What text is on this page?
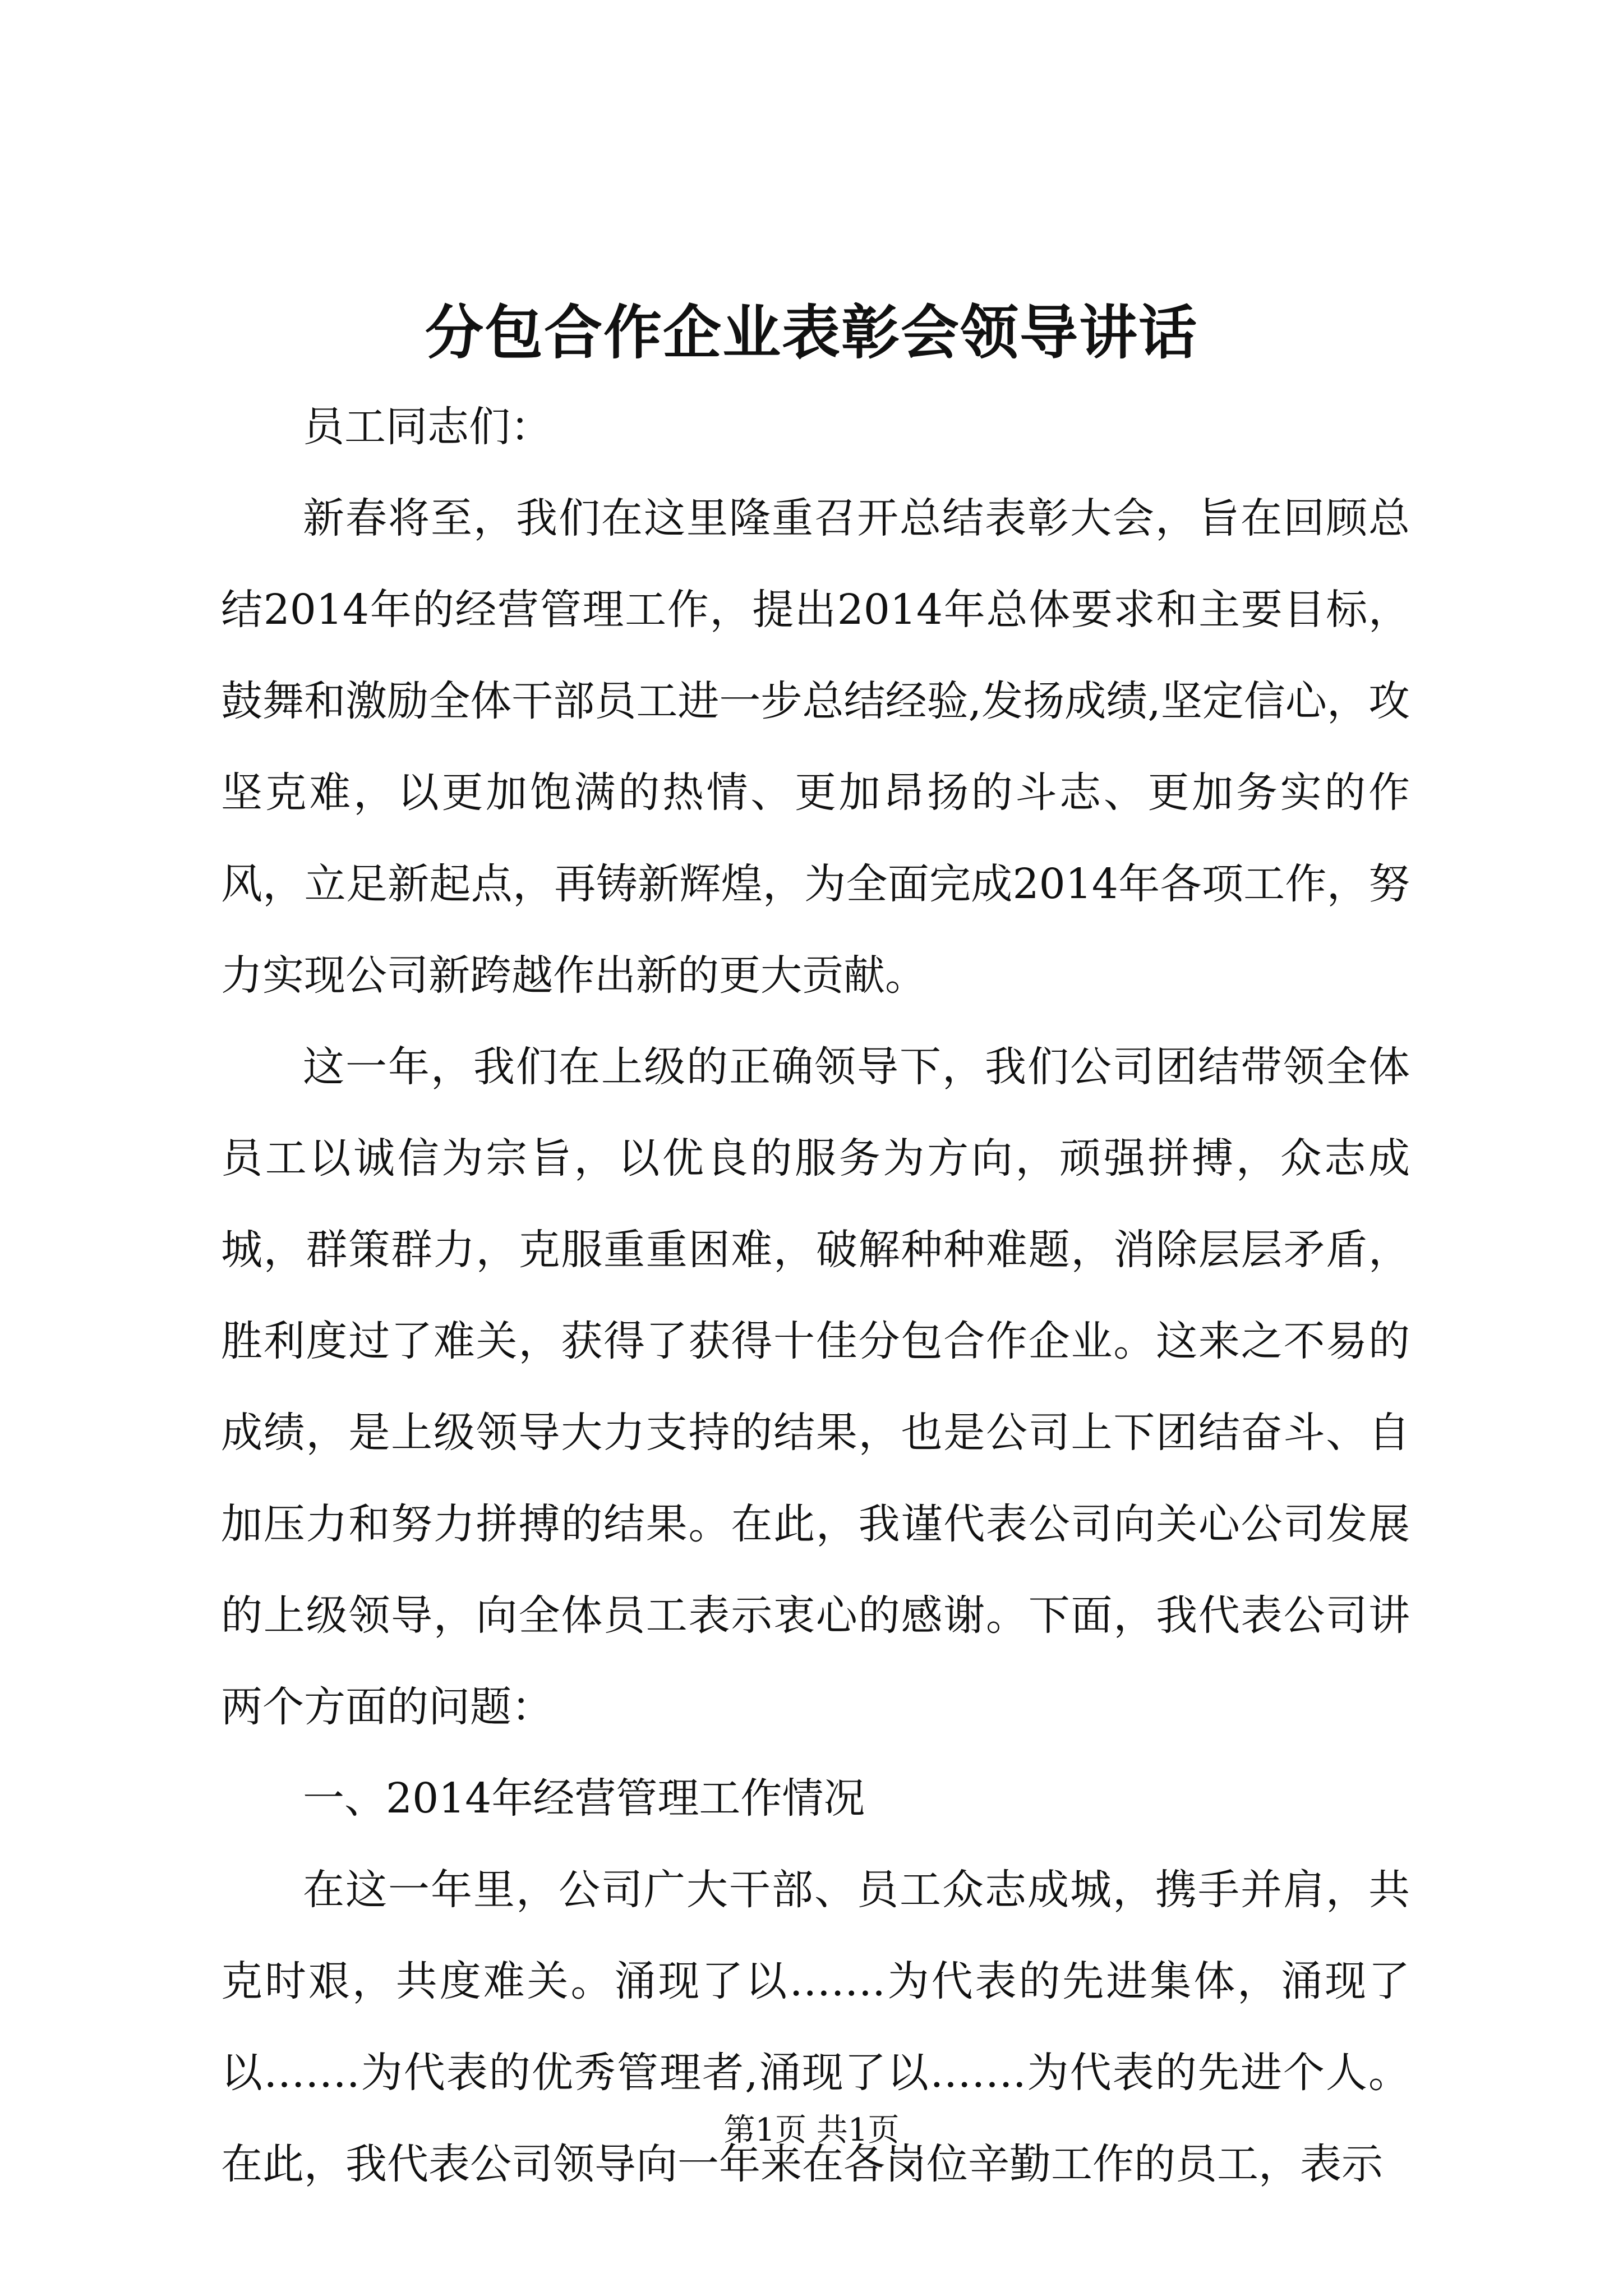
分包合作企业表彰会领导讲话

员工同志们：

新春将至，我们在这里隆重召开总结表彰大会，旨在回顾总结2014年的经营管理工作，提出2014年总体要求和主要目标，鼓舞和激励全体干部员工进一步总结经验,发扬成绩,坚定信心，攻坚克难，以更加饱满的热情、更加昂扬的斗志、更加务实的作风，立足新起点，再铸新辉煌，为全面完成2014年各项工作，努力实现公司新跨越作出新的更大贡献。

这一年，我们在上级的正确领导下，我们公司团结带领全体员工以诚信为宗旨，以优良的服务为方向，顽强拼搏，众志成城，群策群力，克服重重困难，破解种种难题，消除层层矛盾，胜利度过了难关，获得了获得十佳分包合作企业。这来之不易的成绩，是上级领导大力支持的结果，也是公司上下团结奋斗、自加压力和努力拼搏的结果。在此，我谨代表公司向关心公司发展的上级领导，向全体员工表示衷心的感谢。下面，我代表公司讲两个方面的问题：

一、2014年经营管理工作情况

在这一年里，公司广大干部、员工众志成城，携手并肩，共克时艰，共度难关。涌现了以…….为代表的先进集体，涌现了以…….为代表的优秀管理者,涌现了以…….为代表的先进个人。在此，我代表公司领导向一年来在各岗位辛勤工作的员工，表示

第1页 共1页
